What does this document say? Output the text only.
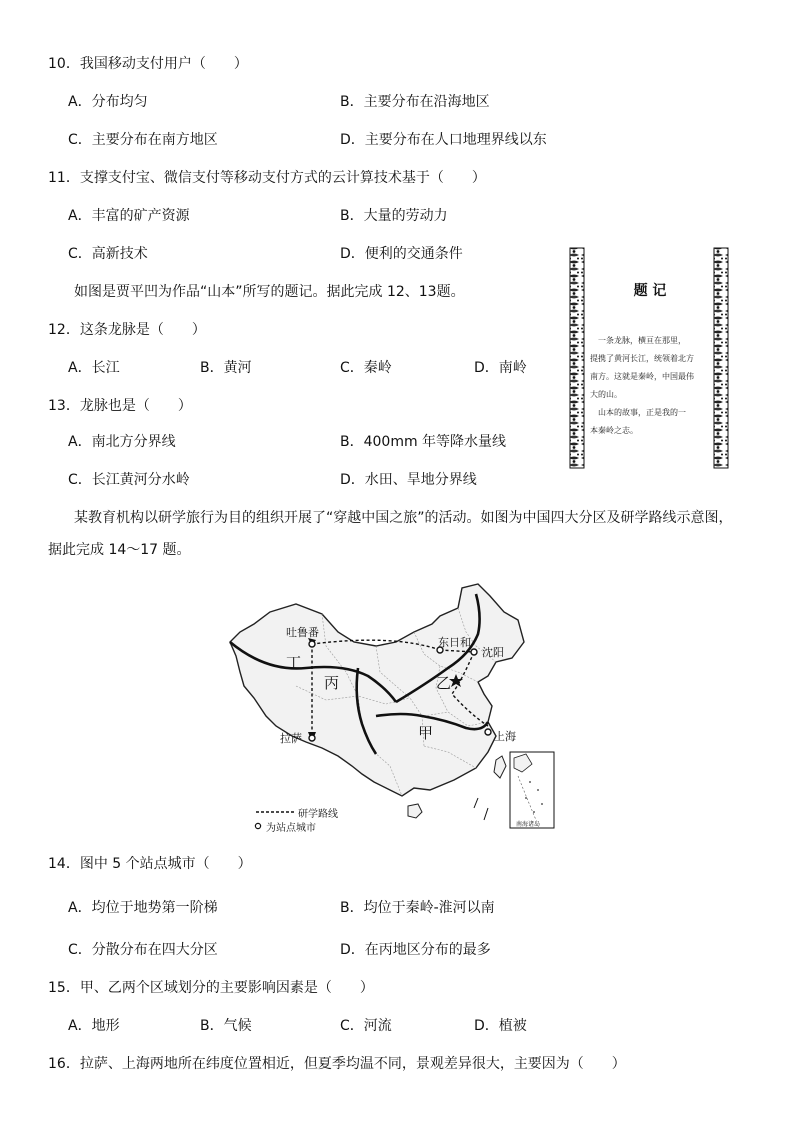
10．我国移动支付用户（　　）
A．分布均匀	B．主要分布在沿海地区
C．主要分布在南方地区	D．主要分布在人口地理界线以东
11．支撑支付宝、微信支付等移动支付方式的云计算技术基于（　　）
A．丰富的矿产资源	B．大量的劳动力
C．高新技术	D．便利的交通条件
如图是贾平凹为作品“山本”所写的题记。据此完成 12、13题。
12．这条龙脉是（　　）
A．长江	B．黄河	C．秦岭	D．南岭
13．龙脉也是（　　）
A．南北方分界线	B．400mm 年等降水量线
C．长江黄河分水岭	D．水田、旱地分界线
题 记
一条龙脉，横亘在那里，
提携了黄河长江，统领着北方
南方。这就是秦岭，中国最伟
大的山。
山本的故事，正是我的一
本秦岭之志。
某教育机构以研学旅行为目的组织开展了“穿越中国之旅”的活动。如图为中国四大分区及研学路线示意图，
据此完成 14～17 题。
吐鲁番
东日和
沈阳
拉萨	上海
丁
丙	乙
甲
南海诸岛
研学路线
为站点城市
14．图中 5 个站点城市（　　）
A．均位于地势第一阶梯	B．均位于秦岭-淮河以南
C．分散分布在四大分区	D．在丙地区分布的最多
15．甲、乙两个区域划分的主要影响因素是（　　）
A．地形	B．气候	C．河流	D．植被
16．拉萨、上海两地所在纬度位置相近，但夏季均温不同，景观差异很大，主要因为（　　）
